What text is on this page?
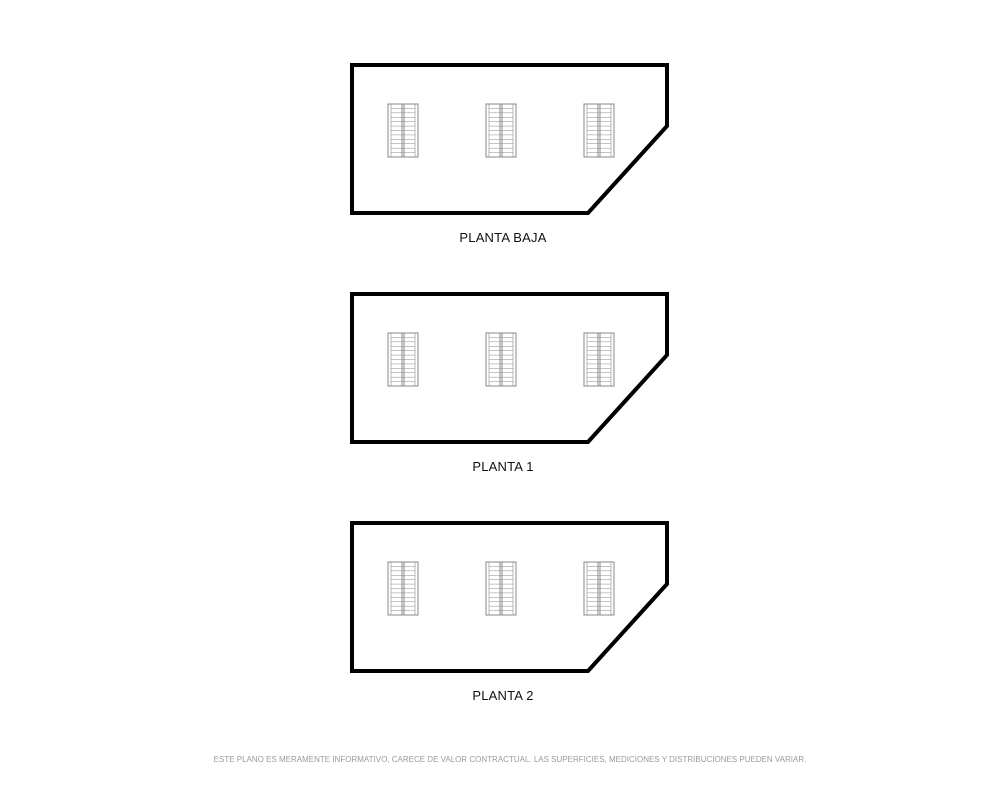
PLANTA BAJA
PLANTA 1
PLANTA 2
ESTE PLANO ES MERAMENTE INFORMATIVO, CARECE DE VALOR CONTRACTUAL. LAS SUPERFICIES, MEDICIONES Y DISTRIBUCIONES PUEDEN VARIAR.
